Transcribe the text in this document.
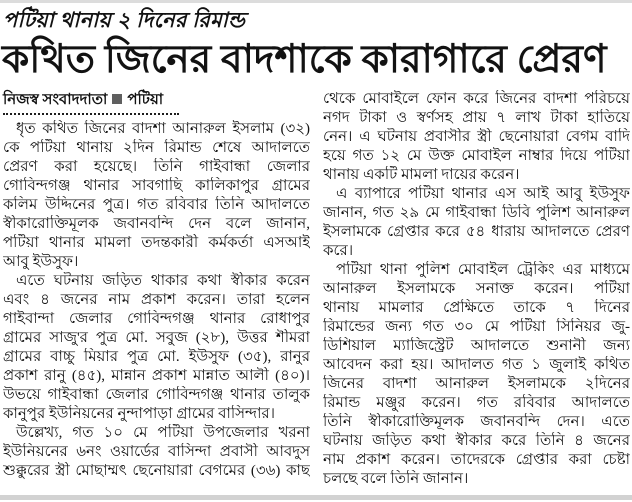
পটিয়া থানায় ২ দিনের রিমান্ড
কথিত জিনের বাদশাকে কারাগারে প্রেরণ
নিজস্ব সংবাদদাতা পটিয়া
ধৃত কথিত জিনের বাদশা আনারুল ইসলাম (৩২)
কে পটিয়া থানায় ২দিন রিমান্ড শেষে আদালতে
প্রেরণ করা হয়েছে। তিনি গাইবান্ধা জেলার
গোবিন্দগঞ্জ থানার সাবগাছি কালিকাপুর গ্রামের
কলিম উদ্দিনের পুত্র। গত রবিবার তিনি আদালতে
স্বীকারোক্তিমূলক জবানবন্দি দেন বলে জানান,
পটিয়া থানার মামলা তদন্তকারী কর্মকর্তা এসআই
আবু ইউসুফ।
এতে ঘটনায় জড়িত থাকার কথা স্বীকার করেন
এবং ৪ জনের নাম প্রকাশ করেন। তারা হলেন
গাইবান্দা জেলার গোবিন্দগঞ্জ থানার রোধাপুর
গ্রামের সাজু'র পুত্র মো. সবুজ (২৮), উত্তর শীমরা
গ্রামের বাচ্চু মিয়ার পুত্র মো. ইউসুফ (৩৫), রানুর
প্রকাশ রানু (৪৫), মান্নান প্রকাশ মান্নাত আলী (৪০)।
উভয়ে গাইবান্ধা জেলার গোবিন্দগঞ্জ থানার তালুক
কানুপুর ইউনিয়নের নুন্দাপাড়া গ্রামের বাসিন্দার।
উল্লেখ্য, গত ১০ মে পটিয়া উপজেলার খরনা
ইউনিয়নের ৬নং ওয়ার্ডের বাসিন্দা প্রবাসী আবদুস
শুক্কুরের স্ত্রী মোছাম্মৎ ছেনোয়ারা বেগমের (৩৬) কাছ
থেকে মোবাইলে ফোন করে জিনের বাদশা পরিচয়ে
নগদ টাকা ও স্বর্ণসহ প্রায় ৭ লাখ টাকা হাতিয়ে
নেন। এ ঘটনায় প্রবাসীর স্ত্রী ছেনোয়ারা বেগম বাদি
হয়ে গত ১২ মে উক্ত মোবাইল নাম্বার দিয়ে পটিয়া
থানায় একটি মামলা দায়ের করেন।
এ ব্যাপারে পটিয়া থানার এস আই আবু ইউসুফ
জানান, গত ২৯ মে গাইবান্ধা ডিবি পুলিশ আনারুল
ইসলামকে গ্রেপ্তার করে ৫৪ ধারায় আদালতে প্রেরণ
করে।
পটিয়া থানা পুলিশ মোবাইল ট্রেকিং এর মাধ্যমে
আনারুল ইসলামকে সনাক্ত করেন। পটিয়া
থানায় মামলার প্রেক্ষিতে তাকে ৭ দিনের
রিমান্ডের জন্য গত ৩০ মে পটিয়া সিনিয়র জু-
ডিশিয়াল ম্যাজিস্ট্রেট আদালতে শুনানী জন্য
আবেদন করা হয়। আদালত গত ১ জুলাই কথিত
জিনের বাদশা আনারুল ইসলামকে ২দিনের
রিমান্ড মঞ্জুর করেন। গত রবিবার আদালতে
তিনি স্বীকারোক্তিমূলক জবানবন্দি দেন। এতে
ঘটনায় জড়িত কথা স্বীকার করে তিনি ৪ জনের
নাম প্রকাশ করেন। তাদেরকে গ্রেপ্তার করা চেষ্টা
চলছে বলে তিনি জানান।
